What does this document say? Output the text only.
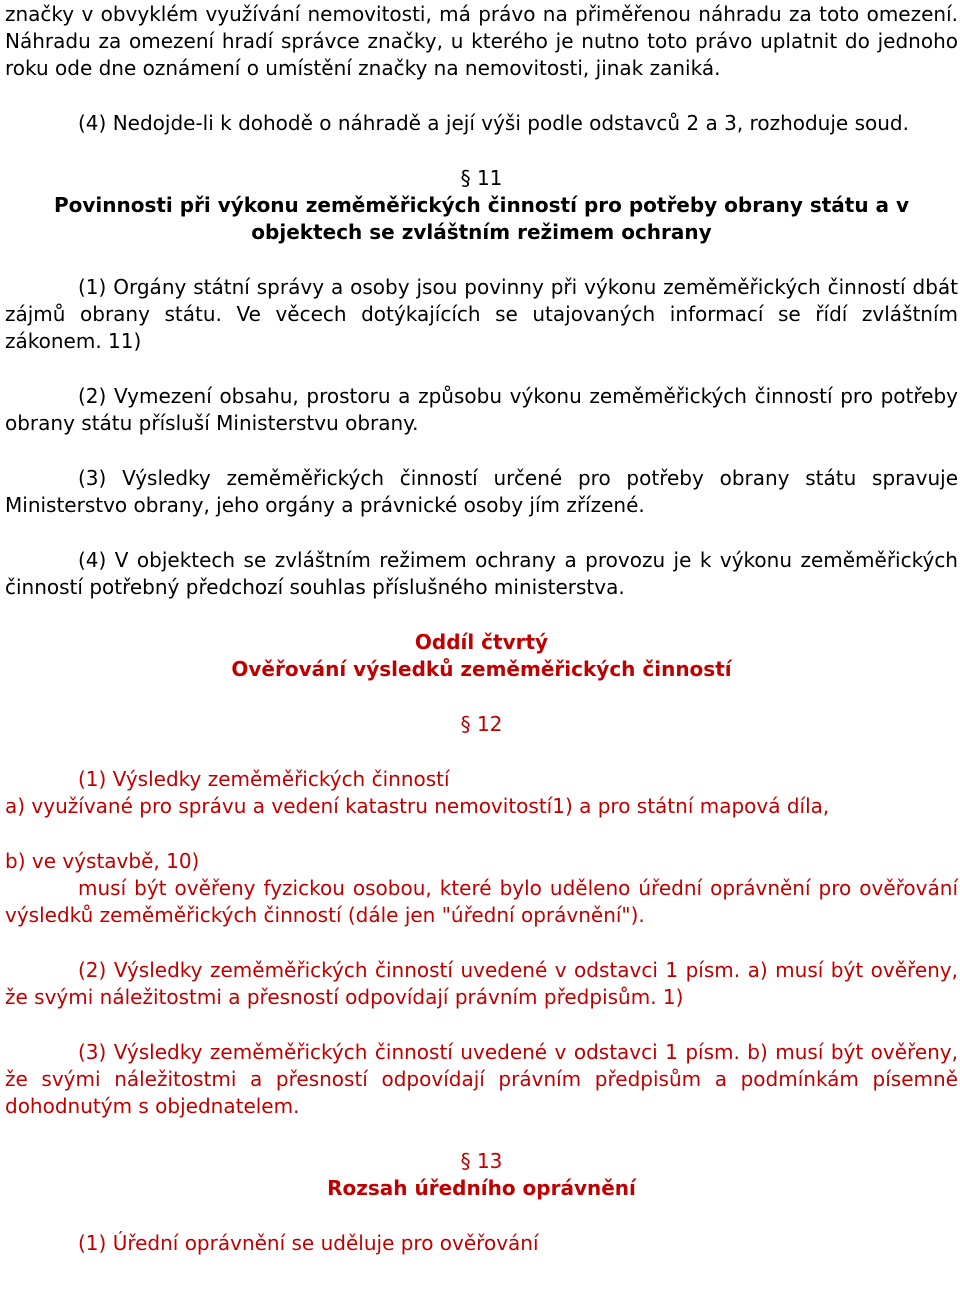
značky v obvyklém využívání nemovitosti, má právo na přiměřenou náhradu za toto omezení. Náhradu za omezení hradí správce značky, u kterého je nutno toto právo uplatnit do jednoho roku ode dne oznámení o umístění značky na nemovitosti, jinak zaniká.

(4) Nedojde-li k dohodě o náhradě a její výši podle odstavců 2 a 3, rozhoduje soud.

§ 11

Povinnosti při výkonu zeměměřických činností pro potřeby obrany státu a v objektech se zvláštním režimem ochrany

(1) Orgány státní správy a osoby jsou povinny při výkonu zeměměřických činností dbát zájmů obrany státu. Ve věcech dotýkajících se utajovaných informací se řídí zvláštním zákonem. 11)

(2) Vymezení obsahu, prostoru a způsobu výkonu zeměměřických činností pro potřeby obrany státu přísluší Ministerstvu obrany.

(3) Výsledky zeměměřických činností určené pro potřeby obrany státu spravuje Ministerstvo obrany, jeho orgány a právnické osoby jím zřízené.

(4) V objektech se zvláštním režimem ochrany a provozu je k výkonu zeměměřických činností potřebný předchozí souhlas příslušného ministerstva.

Oddíl čtvrtý

Ověřování výsledků zeměměřických činností

§ 12

(1) Výsledky zeměměřických činností

a) využívané pro správu a vedení katastru nemovitostí1) a pro státní mapová díla,

b) ve výstavbě, 10)

musí být ověřeny fyzickou osobou, které bylo uděleno úřední oprávnění pro ověřování výsledků zeměměřických činností (dále jen "úřední oprávnění").

(2) Výsledky zeměměřických činností uvedené v odstavci 1 písm. a) musí být ověřeny, že svými náležitostmi a přesností odpovídají právním předpisům. 1)

(3) Výsledky zeměměřických činností uvedené v odstavci 1 písm. b) musí být ověřeny, že svými náležitostmi a přesností odpovídají právním předpisům a podmínkám písemně dohodnutým s objednatelem.

§ 13

Rozsah úředního oprávnění

(1) Úřední oprávnění se uděluje pro ověřování
